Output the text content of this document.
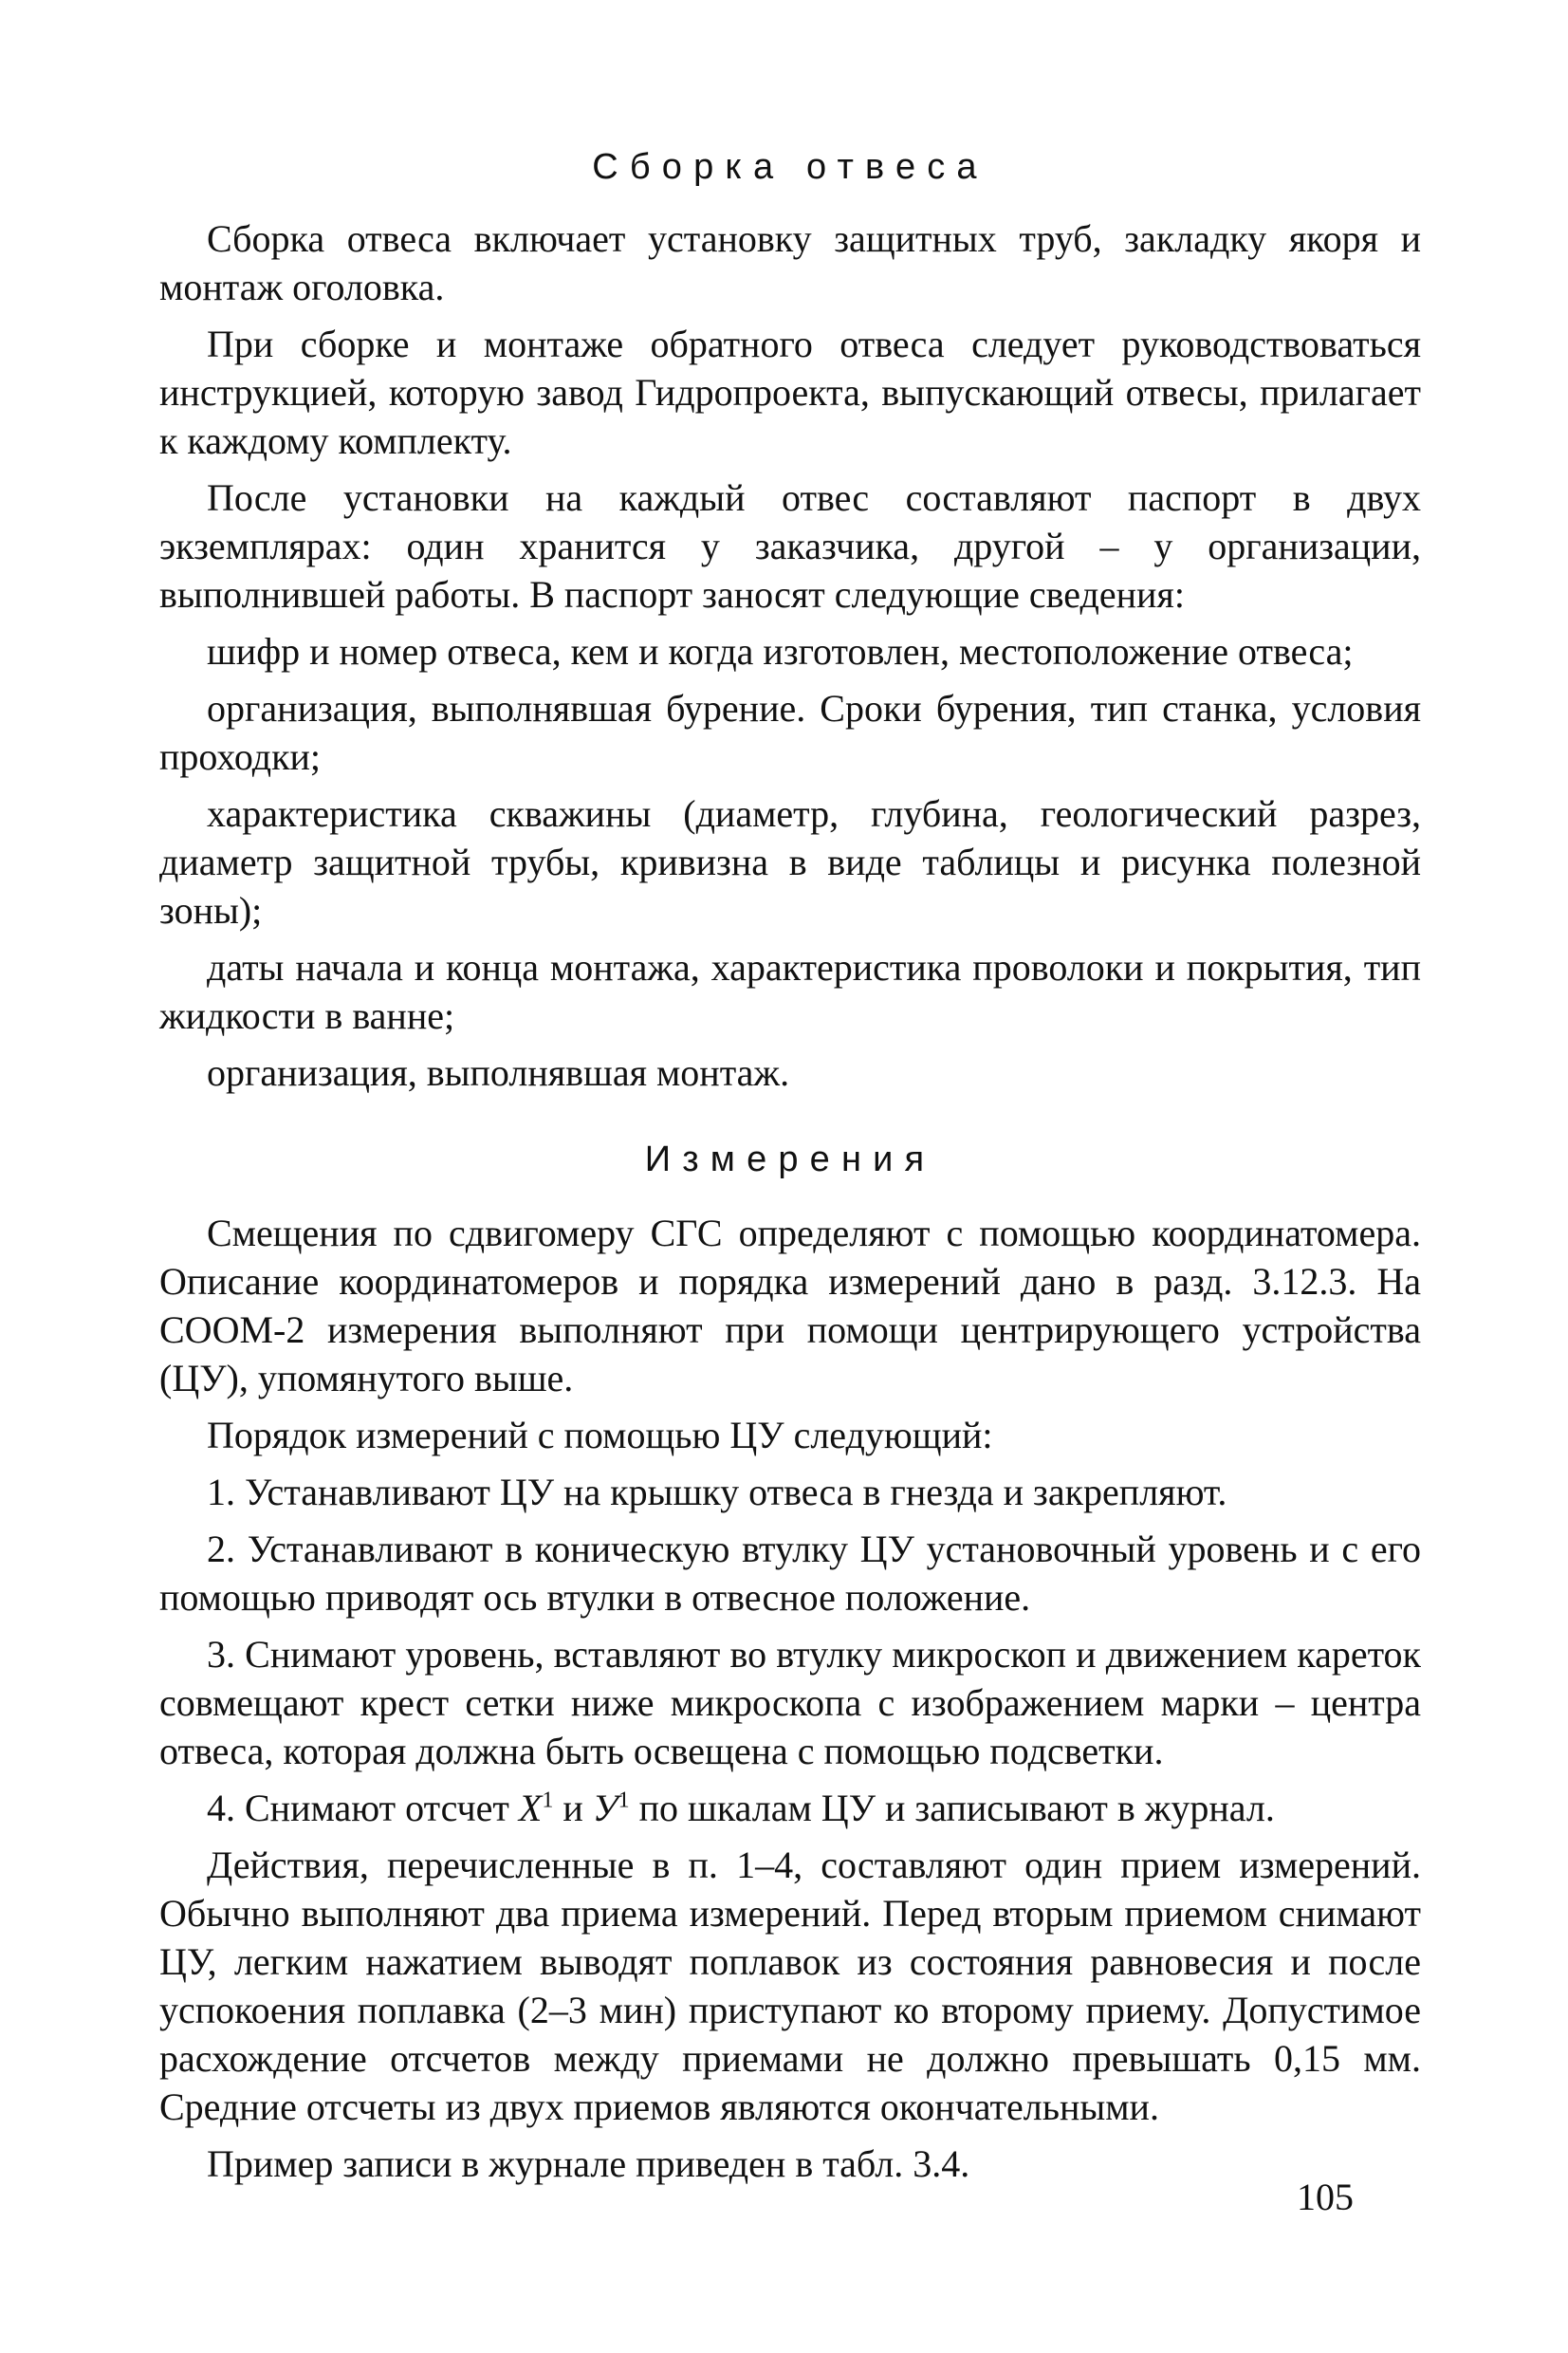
Сборка отвеса

Сборка отвеса включает установку защитных труб, закладку якоря и монтаж оголовка.

При сборке и монтаже обратного отвеса следует руководствоваться инструкцией, которую завод Гидропроекта, выпускающий отвесы, прилагает к каждому комплекту.

После установки на каждый отвес составляют паспорт в двух экземплярах: один хранится у заказчика, другой – у организации, выполнившей работы. В паспорт заносят следующие сведения:

шифр и номер отвеса, кем и когда изготовлен, местоположение отвеса;

организация, выполнявшая бурение. Сроки бурения, тип станка, условия проходки;

характеристика скважины (диаметр, глубина, геологический разрез, диаметр защитной трубы, кривизна в виде таблицы и рисунка полезной зоны);

даты начала и конца монтажа, характеристика проволоки и покрытия, тип жидкости в ванне;

организация, выполнявшая монтаж.

Измерения

Смещения по сдвигомеру СГС определяют с помощью координатомера. Описание координатомеров и порядка измерений дано в разд. 3.12.3. На СООМ-2 измерения выполняют при помощи центрирующего устройства (ЦУ), упомянутого выше.

Порядок измерений с помощью ЦУ следующий:

1. Устанавливают ЦУ на крышку отвеса в гнезда и закрепляют.

2. Устанавливают в коническую втулку ЦУ установочный уровень и с его помощью приводят ось втулки в отвесное положение.

3. Снимают уровень, вставляют во втулку микроскоп и движением кареток совмещают крест сетки ниже микроскопа с изображением марки – центра отвеса, которая должна быть освещена с помощью подсветки.

4. Снимают отсчет $X^1$ и $У^1$ по шкалам ЦУ и записывают в журнал.

Действия, перечисленные в п. 1–4, составляют один прием измерений. Обычно выполняют два приема измерений. Перед вторым приемом снимают ЦУ, легким нажатием выводят поплавок из состояния равновесия и после успокоения поплавка (2–3 мин) приступают ко второму приему. Допустимое расхождение отсчетов между приемами не должно превышать 0,15 мм. Средние отсчеты из двух приемов являются окончательными.

Пример записи в журнале приведен в табл. 3.4.

105
